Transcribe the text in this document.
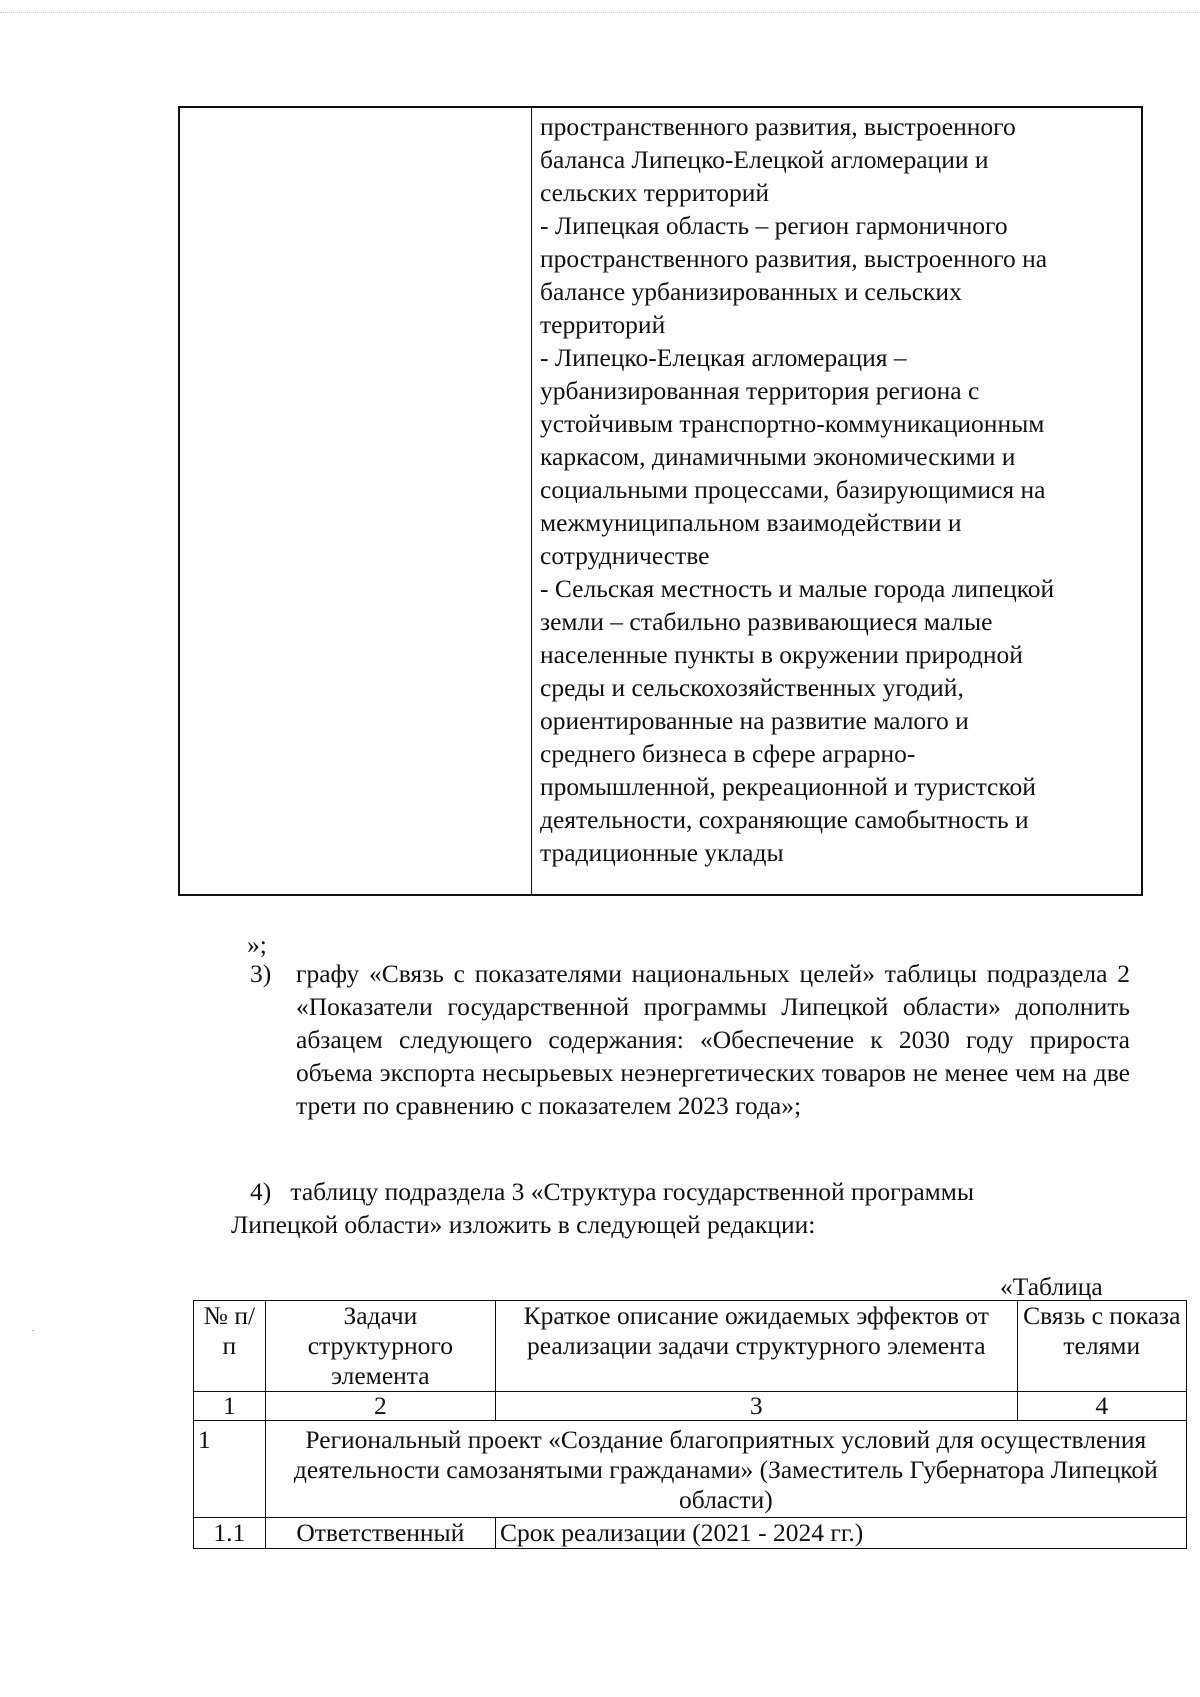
пространственного развития, выстроенного
баланса Липецко-Елецкой агломерации и
сельских территорий
- Липецкая область – регион гармоничного
пространственного развития, выстроенного на
балансе урбанизированных и сельских
территорий
- Липецко-Елецкая агломерация –
урбанизированная территория региона с
устойчивым транспортно-коммуникационным
каркасом, динамичными экономическими и
социальными процессами, базирующимися на
межмуниципальном взаимодействии и
сотрудничестве
- Сельская местность и малые города липецкой
земли – стабильно развивающиеся малые
населенные пункты в окружении природной
среды и сельскохозяйственных угодий,
ориентированные на развитие малого и
среднего бизнеса в сфере аграрно-
промышленной, рекреационной и туристской
деятельности, сохраняющие самобытность и
традиционные уклады
»;
3) графу «Связь с показателями национальных целей» таблицы подраздела 2 «Показатели государственной программы Липецкой области» дополнить абзацем следующего содержания: «Обеспечение к 2030 году прироста объема экспорта несырьевых неэнергетических товаров не менее чем на две трети по сравнению с показателем 2023 года»;
4)   таблицу подраздела 3 «Структура государственной программы
Липецкой области» изложить в следующей редакции:
«Таблица
№ п/п	Задачи структурного элемента	Краткое описание ожидаемых эффектов от реализации задачи структурного элемента	Связь с показателями
1	2	3	4
1	Региональный проект «Создание благоприятных условий для осуществления деятельности самозанятыми гражданами» (Заместитель Губернатора Липецкой области)		
1.1	Ответственный	Срок реализации (2021 - 2024 гг.)	
